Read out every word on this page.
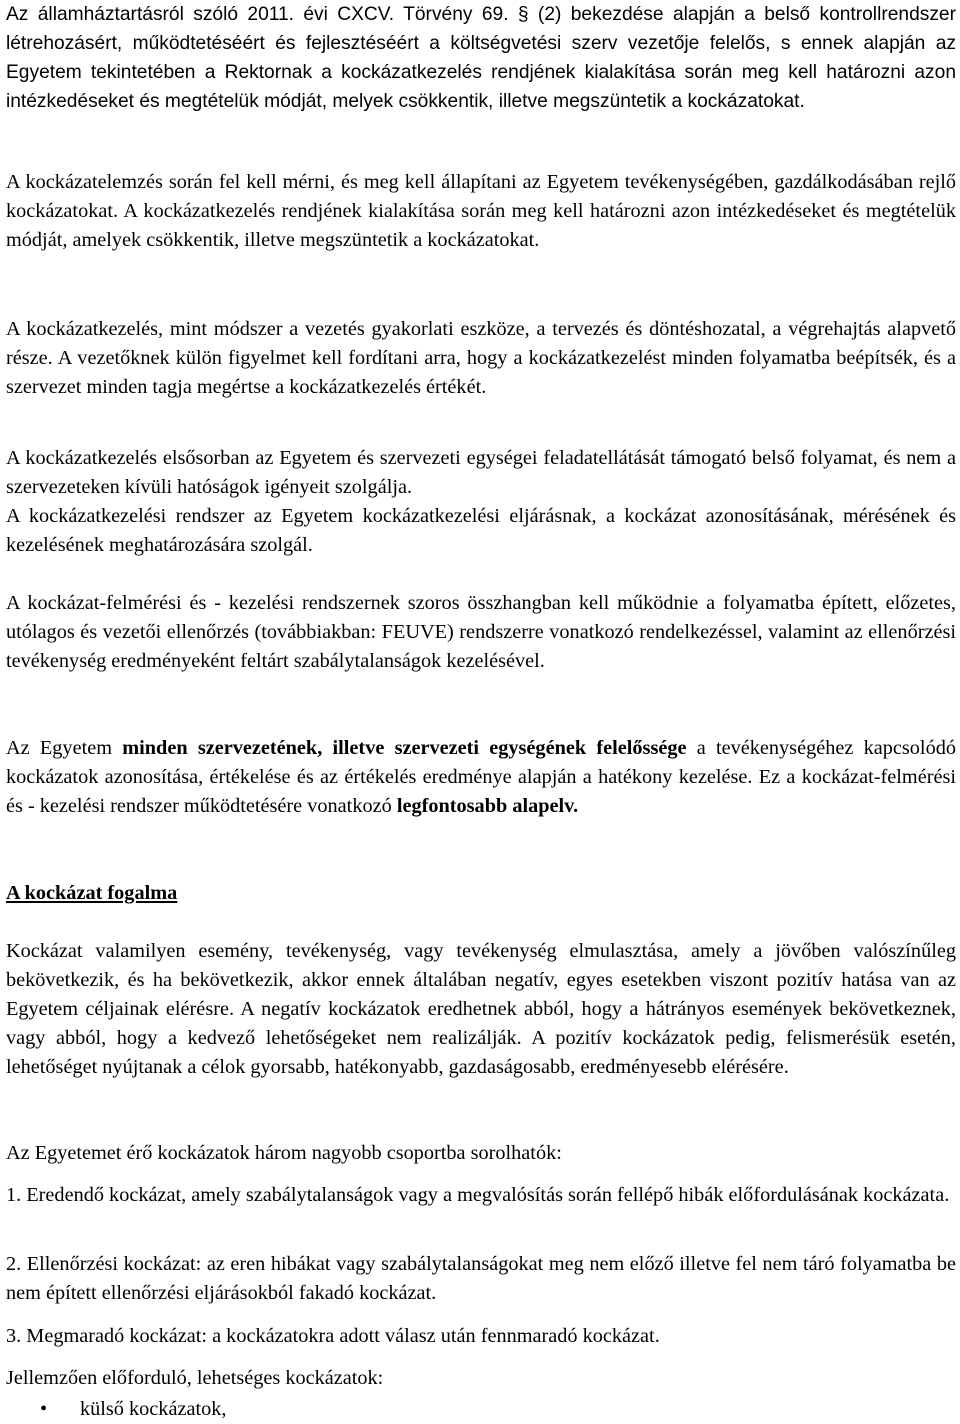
Az államháztartásról szóló 2011. évi CXCV. Törvény 69. § (2) bekezdése alapján a belső kontrollrendszer létrehozásért, működtetéséért és fejlesztéséért a költségvetési szerv vezetője felelős, s ennek alapján az Egyetem tekintetében a Rektornak a kockázatkezelés rendjének kialakítása során meg kell határozni azon intézkedéseket és megtételük módját, melyek csökkentik, illetve megszüntetik a kockázatokat.

A kockázatelemzés során fel kell mérni, és meg kell állapítani az Egyetem tevékenységében, gazdálkodásában rejlő kockázatokat. A kockázatkezelés rendjének kialakítása során meg kell határozni azon intézkedéseket és megtételük módját, amelyek csökkentik, illetve megszüntetik a kockázatokat.

A kockázatkezelés, mint módszer a vezetés gyakorlati eszköze, a tervezés és döntéshozatal, a végrehajtás alapvető része. A vezetőknek külön figyelmet kell fordítani arra, hogy a kockázatkezelést minden folyamatba beépítsék, és a szervezet minden tagja megértse a kockázatkezelés értékét.

A kockázatkezelés elsősorban az Egyetem és szervezeti egységei feladatellátását támogató belső folyamat, és nem a szervezeteken kívüli hatóságok igényeit szolgálja.

A kockázatkezelési rendszer az Egyetem kockázatkezelési eljárásnak, a kockázat azonosításának, mérésének és kezelésének meghatározására szolgál.

A kockázat-felmérési és - kezelési rendszernek szoros összhangban kell működnie a folyamatba épített, előzetes, utólagos és vezetői ellenőrzés (továbbiakban: FEUVE) rendszerre vonatkozó rendelkezéssel, valamint az ellenőrzési tevékenység eredményeként feltárt szabálytalanságok kezelésével.

Az Egyetem minden szervezetének, illetve szervezeti egységének felelőssége a tevékenységéhez kapcsolódó kockázatok azonosítása, értékelése és az értékelés eredménye alapján a hatékony kezelése. Ez a kockázat-felmérési és - kezelési rendszer működtetésére vonatkozó legfontosabb alapelv.

A kockázat fogalma

Kockázat valamilyen esemény, tevékenység, vagy tevékenység elmulasztása, amely a jövőben valószínűleg bekövetkezik, és ha bekövetkezik, akkor ennek általában negatív, egyes esetekben viszont pozitív hatása van az Egyetem céljainak elérésre. A negatív kockázatok eredhetnek abból, hogy a hátrányos események bekövetkeznek, vagy abból, hogy a kedvező lehetőségeket nem realizálják. A pozitív kockázatok pedig, felismerésük esetén, lehetőséget nyújtanak a célok gyorsabb, hatékonyabb, gazdaságosabb, eredményesebb elérésére.

Az Egyetemet érő kockázatok három nagyobb csoportba sorolhatók:

1. Eredendő kockázat, amely szabálytalanságok vagy a megvalósítás során fellépő hibák előfordulásának kockázata.

2. Ellenőrzési kockázat: az eren hibákat vagy szabálytalanságokat meg nem előző illetve fel nem táró folyamatba be nem épített ellenőrzési eljárásokból fakadó kockázat.

3. Megmaradó kockázat: a kockázatokra adott válasz után fennmaradó kockázat.

Jellemzően előforduló, lehetséges kockázatok:

• külső kockázatok,
